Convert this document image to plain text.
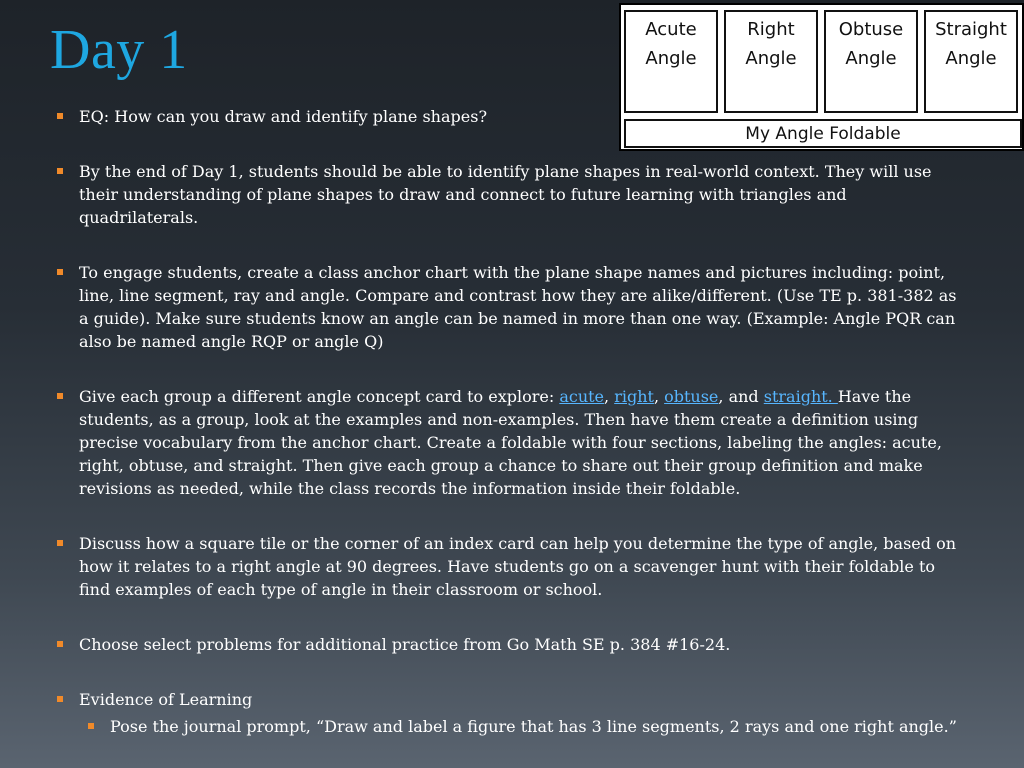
Day 1	Acute
Angle
Right
Angle
Obtuse
Angle
Straight
Angle
My Angle Foldable
EQ: How can you draw and identify plane shapes?
By the end of Day 1, students should be able to identify plane shapes in real-world context. They will use their understanding of plane shapes to draw and connect to future learning with triangles and quadrilaterals.
To engage students, create a class anchor chart with the plane shape names and pictures including: point, line, line segment, ray and angle. Compare and contrast how they are alike/different. (Use TE p. 381-382 as a guide). Make sure students know an angle can be named in more than one way. (Example: Angle PQR can also be named angle RQP or angle Q)
Give each group a different angle concept card to explore: acute, right, obtuse, and straight. Have the students, as a group, look at the examples and non-examples. Then have them create a definition using precise vocabulary from the anchor chart. Create a foldable with four sections, labeling the angles: acute, right, obtuse, and straight. Then give each group a chance to share out their group definition and make revisions as needed, while the class records the information inside their foldable.
Discuss how a square tile or the corner of an index card can help you determine the type of angle, based on how it relates to a right angle at 90 degrees. Have students go on a scavenger hunt with their foldable to find examples of each type of angle in their classroom or school.
Choose select problems for additional practice from Go Math SE p. 384 #16-24.
Evidence of Learning
Pose the journal prompt, “Draw and label a figure that has 3 line segments, 2 rays and one right angle.”
